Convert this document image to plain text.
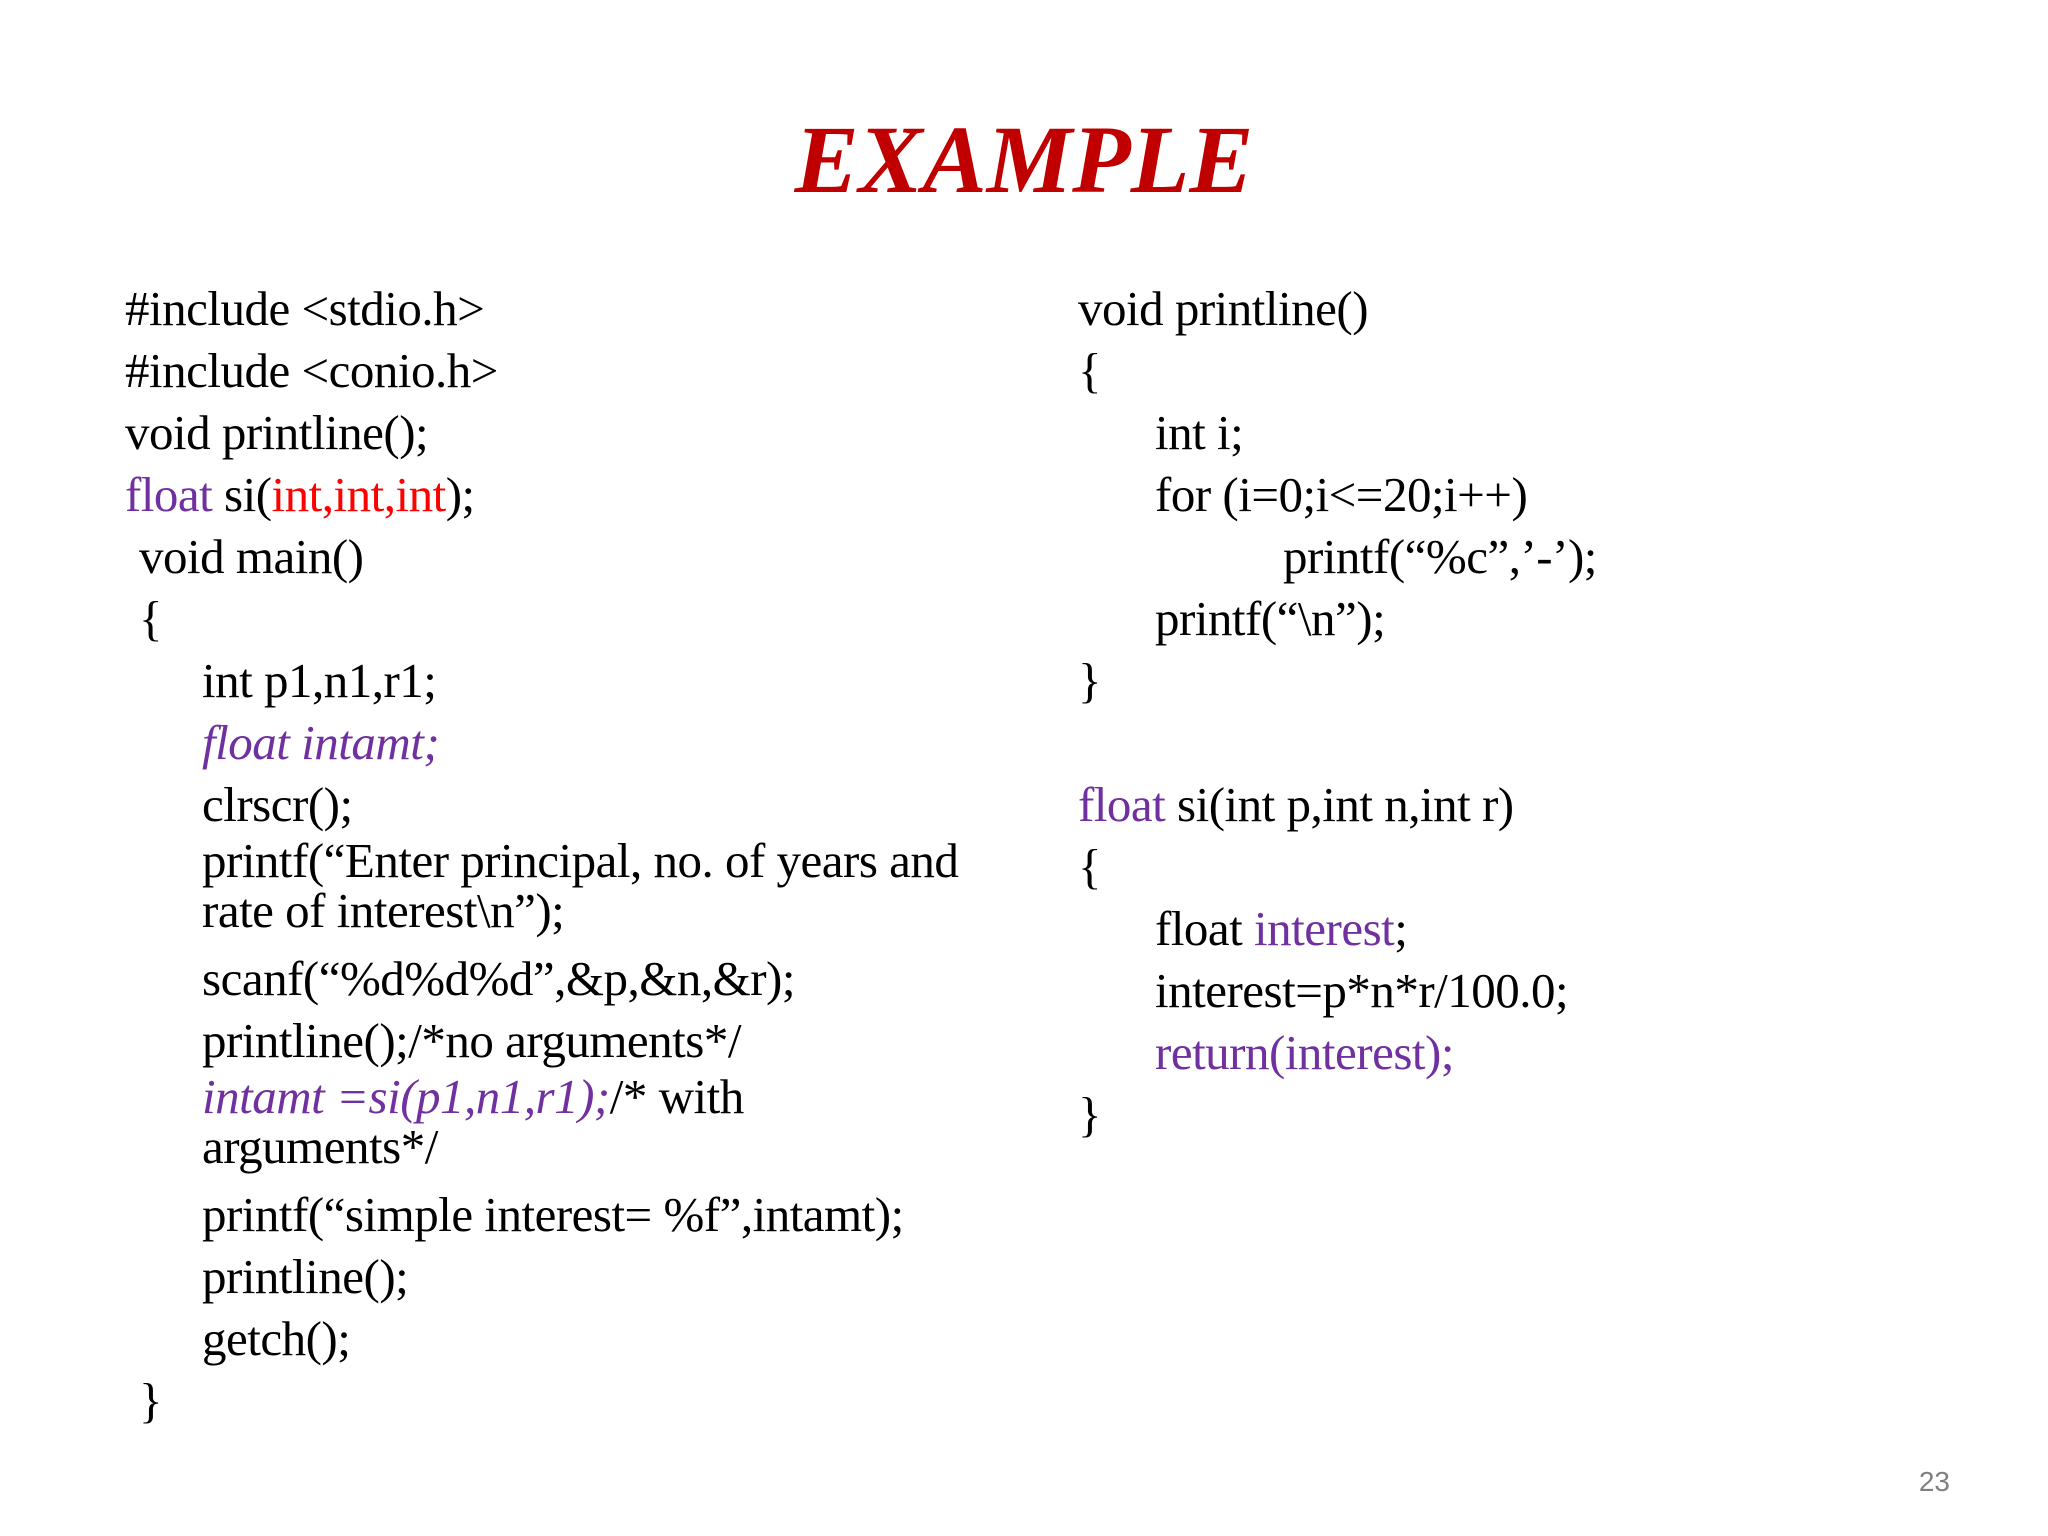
EXAMPLE
#include <stdio.h>
#include <conio.h>
void printline();
float si(int,int,int);
void main()
{
int p1,n1,r1;
float intamt;
clrscr();
printf(“Enter principal, no. of years and rate of interest\n”);
scanf(“%d%d%d”,&p,&n,&r);
printline();/*no arguments*/
intamt =si(p1,n1,r1);/* with arguments*/
printf(“simple interest= %f”,intamt);
printline();
getch();
}
void printline()
{
int i;
for (i=0;i<=20;i++)
printf(“%c”,’-’);
printf(“\n”);
}
float si(int p,int n,int r)
{
float interest;
interest=p*n*r/100.0;
return(interest);
}
23
